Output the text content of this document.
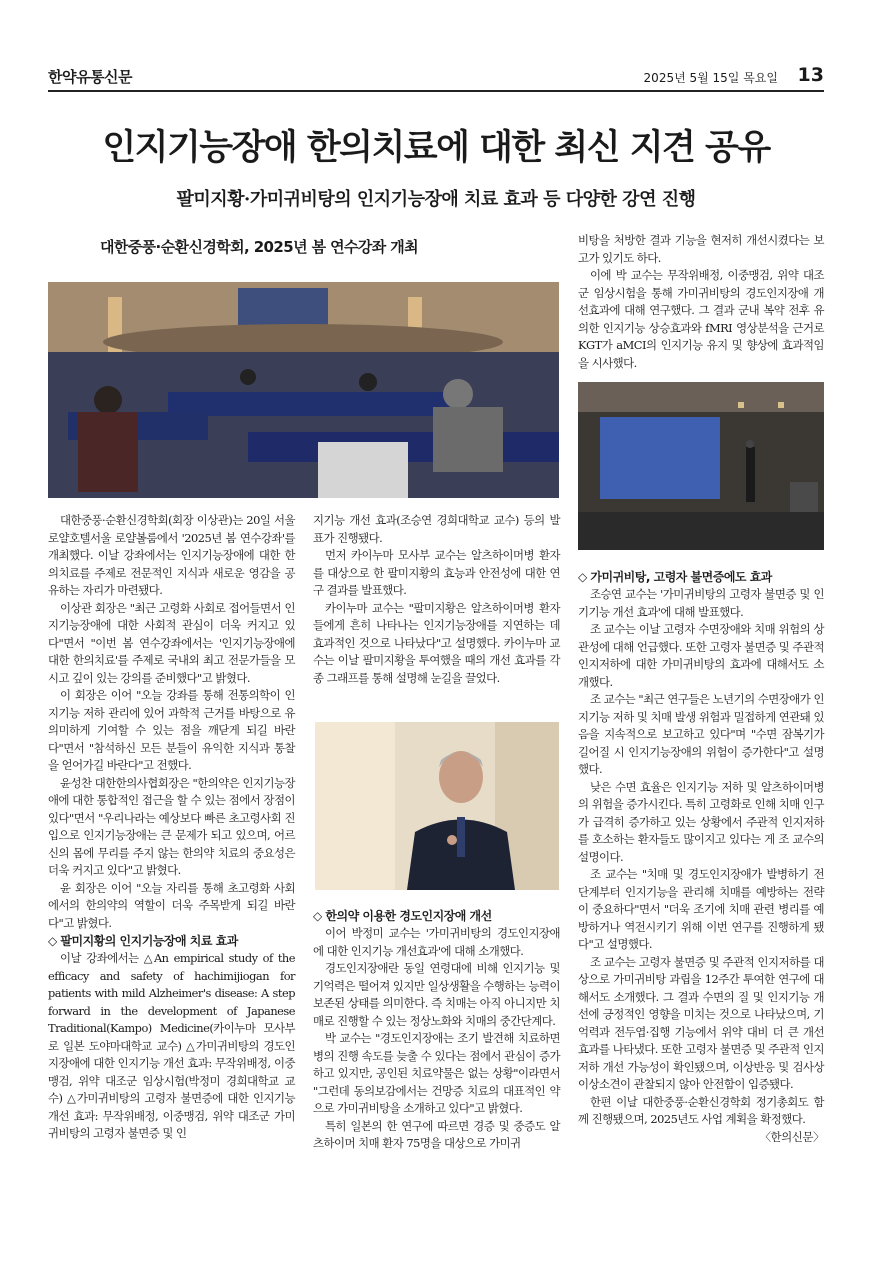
한약유통신문	2025년 5월 15일 목요일 13
인지기능장애 한의치료에 대한 최신 지견 공유
팔미지황·가미귀비탕의 인지기능장애 치료 효과 등 다양한 강연 진행
대한중풍·순환신경학회, 2025년 봄 연수강좌 개최

대한중풍·순환신경학회(회장 이상관)는 20일 서울 로얄호텔서울 로얄볼룸에서 '2025년 봄 연수강좌'를 개최했다. 이날 강좌에서는 인지기능장애에 대한 한의치료를 주제로 전문적인 지식과 새로운 영감을 공유하는 자리가 마련됐다.

이상관 회장은 "최근 고령화 사회로 접어들면서 인지기능장애에 대한 사회적 관심이 더욱 커지고 있다"면서 "이번 봄 연수강좌에서는 '인지기능장애에 대한 한의치료'를 주제로 국내외 최고 전문가들을 모시고 깊이 있는 강의를 준비했다"고 밝혔다.

이 회장은 이어 "오늘 강좌를 통해 전통의학이 인지기능 저하 관리에 있어 과학적 근거를 바탕으로 유의미하게 기여할 수 있는 점을 깨닫게 되길 바란다"면서 "참석하신 모든 분들이 유익한 지식과 통찰을 얻어가길 바란다"고 전했다.

윤성찬 대한한의사협회장은 "한의약은 인지기능장애에 대한 통합적인 접근을 할 수 있는 점에서 장점이 있다"면서 "우리나라는 예상보다 빠른 초고령사회 진입으로 인지기능장애는 큰 문제가 되고 있으며, 어르신의 몸에 무리를 주지 않는 한의약 치료의 중요성은 더욱 커지고 있다"고 밝혔다.

윤 회장은 이어 "오늘 자리를 통해 초고령화 사회에서의 한의약의 역할이 더욱 주목받게 되길 바란다"고 밝혔다.

◇ 팔미지황의 인지기능장애 치료 효과

이날 강좌에서는 △An empirical study of the efficacy and safety of hachimijiogan for patients with mild Alzheimer's disease: A step forward in the development of Japanese Traditional(Kampo) Medicine(카이누마 모사부로 일본 도야마대학교 교수) △가미귀비탕의 경도인지장애에 대한 인지기능 개선 효과: 무작위배정, 이중맹검, 위약 대조군 임상시험(박정미 경희대학교 교수) △가미귀비탕의 고령자 불면증에 대한 인지기능 개선 효과: 무작위배정, 이중맹검, 위약 대조군 가미귀비탕의 고령자 불면증 및 인

지기능 개선 효과(조승연 경희대학교 교수) 등의 발표가 진행됐다.

먼저 카이누마 모사부 교수는 알츠하이머병 환자를 대상으로 한 팔미지황의 효능과 안전성에 대한 연구 결과를 발표했다.

카이누마 교수는 "팔미지황은 알츠하이머병 환자들에게 흔히 나타나는 인지기능장애를 지연하는 데 효과적인 것으로 나타났다"고 설명했다. 카이누마 교수는 이날 팔미지황을 투여했을 때의 개선 효과를 각종 그래프를 통해 설명해 눈길을 끌었다.

◇ 한의약 이용한 경도인지장애 개선

이어 박정미 교수는 '가미귀비탕의 경도인지장애에 대한 인지기능 개선효과'에 대해 소개했다.

경도인지장애란 동일 연령대에 비해 인지기능 및 기억력은 떨어져 있지만 일상생활을 수행하는 능력이 보존된 상태를 의미한다. 즉 치매는 아직 아니지만 치매로 진행할 수 있는 정상노화와 치매의 중간단계다.

박 교수는 "경도인지장애는 조기 발견해 치료하면 병의 진행 속도를 늦출 수 있다는 점에서 관심이 증가하고 있지만, 공인된 치료약물은 없는 상황"이라면서 "그런데 동의보감에서는 건망증 치료의 대표적인 약으로 가미귀비탕을 소개하고 있다"고 밝혔다.

특히 일본의 한 연구에 따르면 경증 및 중증도 알츠하이머 치매 환자 75명을 대상으로 가미귀

비탕을 처방한 결과 기능을 현저히 개선시켰다는 보고가 있기도 하다.

이에 박 교수는 무작위배정, 이중맹검, 위약 대조군 임상시험을 통해 가미귀비탕의 경도인지장애 개선효과에 대해 연구했다. 그 결과 군내 복약 전후 유의한 인지기능 상승효과와 fMRI 영상분석을 근거로 KGT가 aMCI의 인지기능 유지 및 향상에 효과적임을 시사했다.

◇ 가미귀비탕, 고령자 불면증에도 효과

조승연 교수는 '가미귀비탕의 고령자 불면증 및 인기기능 개선 효과'에 대해 발표했다.

조 교수는 이날 고령자 수면장애와 치매 위험의 상관성에 대해 언급했다. 또한 고령자 불면증 및 주관적 인지저하에 대한 가미귀비탕의 효과에 대해서도 소개했다.

조 교수는 "최근 연구들은 노년기의 수면장애가 인지기능 저하 및 치매 발생 위험과 밀접하게 연관돼 있음을 지속적으로 보고하고 있다"며 "수면 잠복기가 길어질 시 인지기능장애의 위험이 증가한다"고 설명했다.

낮은 수면 효율은 인지기능 저하 및 알츠하이머병의 위험을 증가시킨다. 특히 고령화로 인해 치매 인구가 급격히 증가하고 있는 상황에서 주관적 인지저하를 호소하는 환자들도 많이지고 있다는 게 조 교수의 설명이다.

조 교수는 "치매 및 경도인지장애가 발병하기 전 단계부터 인지기능을 관리해 치매를 예방하는 전략이 중요하다"면서 "더욱 조기에 치매 관련 병리를 예방하거나 역전시키기 위해 이번 연구를 진행하게 됐다"고 설명했다.

조 교수는 고령자 불면증 및 주관적 인지저하를 대상으로 가미귀비탕 과립을 12주간 투여한 연구에 대해서도 소개했다. 그 결과 수면의 질 및 인지기능 개선에 긍정적인 영향을 미치는 것으로 나타났으며, 기억력과 전두엽·집행 기능에서 위약 대비 더 큰 개선 효과를 나타냈다. 또한 고령자 불면증 및 주관적 인지저하 개선 가능성이 확인됐으며, 이상반응 및 검사상 이상소견이 관찰되지 않아 안전함이 입증됐다.

한편 이날 대한중풍·순환신경학회 정기총회도 함께 진행됐으며, 2025년도 사업 계획을 확정했다.

〈한의신문〉
